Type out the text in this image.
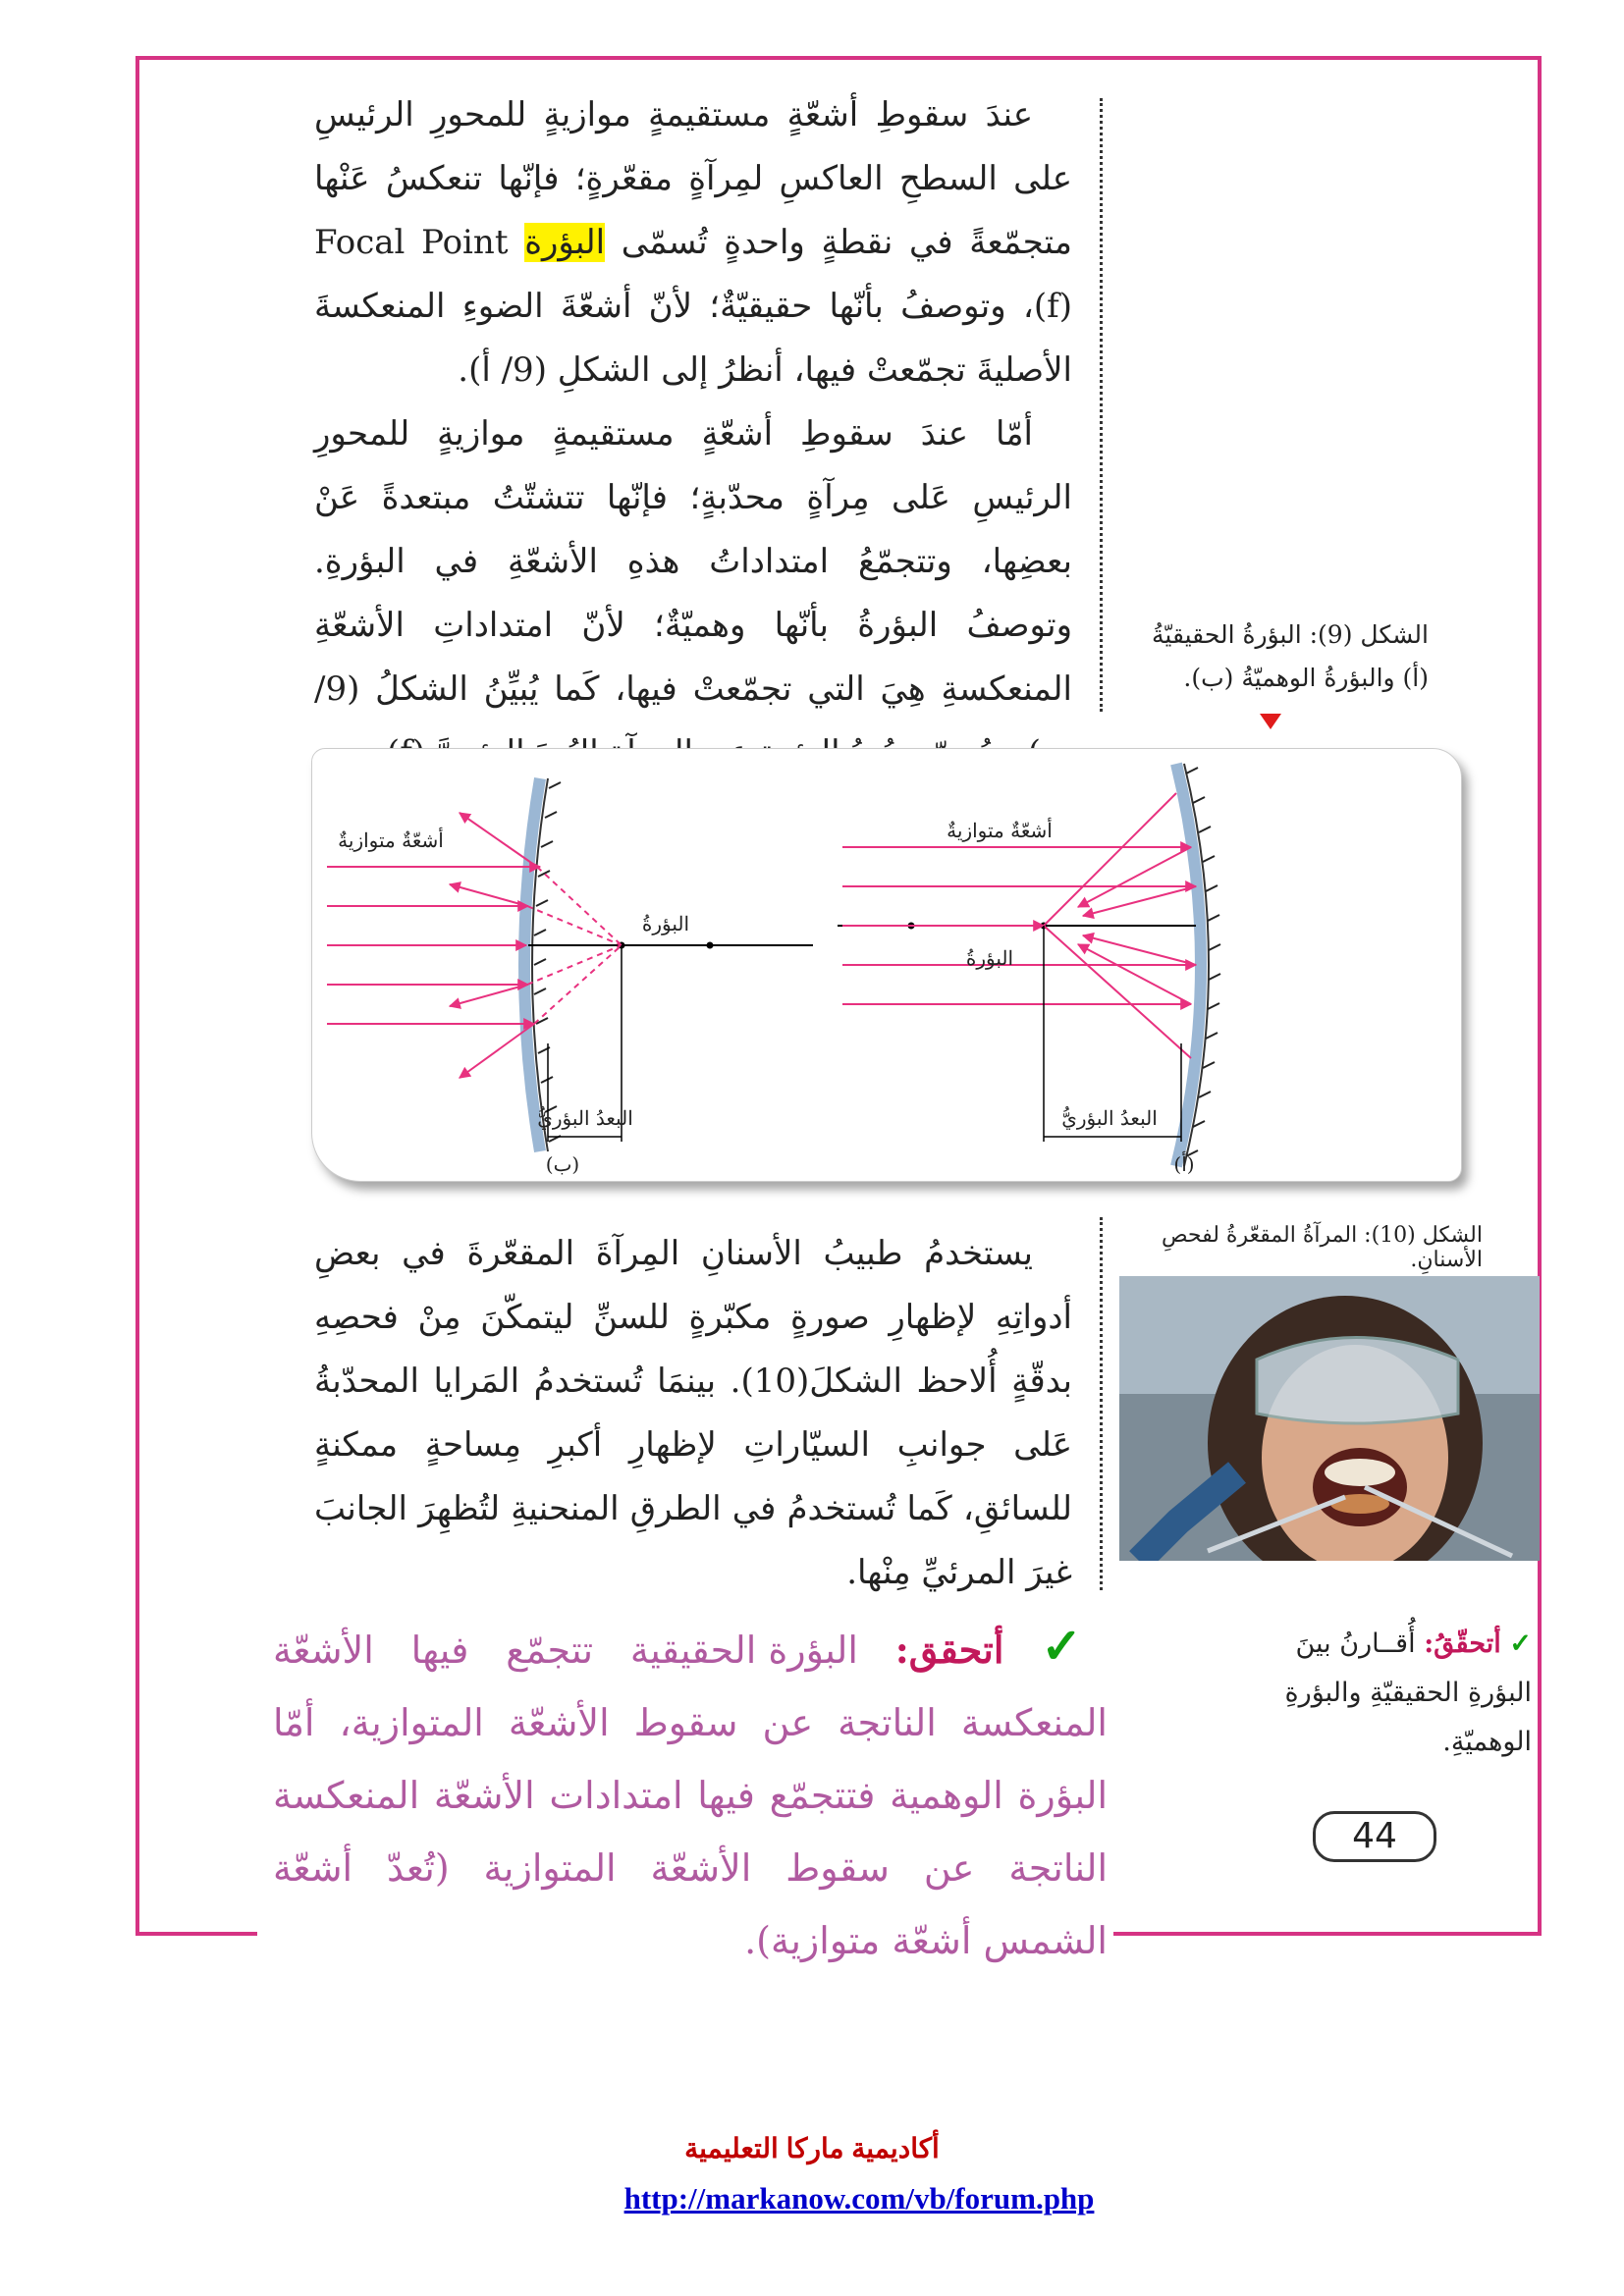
عندَ سقوطِ أشعّةٍ مستقيمةٍ موازيةٍ للمحورِ الرئيسِ على السطحِ العاكسِ لمِرآةٍ مقعّرةٍ؛ فإنّها تنعكسُ عَنْها متجمّعةً في نقطةٍ واحدةٍ تُسمّى البؤرة Focal Point (f)، وتوصفُ بأنّها حقيقيّةٌ؛ لأنّ أشعّةَ الضوءِ المنعكسةَ الأصليةَ تجمّعتْ فيها، أنظرُ إلى الشكلِ (9/ أ).

أمّا عندَ سقوطِ أشعّةٍ مستقيمةٍ موازيةٍ للمحورِ الرئيسِ عَلى مِرآةٍ محدّبةٍ؛ فإنّها تتشتّتُ مبتعدةً عَنْ بعضِها، وتتجمّعُ امتداداتُ هذهِ الأشعّةِ في البؤرةِ. وتوصفُ البؤرةُ بأنّها وهميّةٌ؛ لأنّ امتداداتِ الأشعّةِ المنعكسةِ هِيَ التي تجمّعتْ فيها، كَما يُبيِّنُ الشكلُ (9/

الشكل (9): البؤرةُ الحقيقيّةُ (أ) والبؤرةُ الوهميّةُ (ب).
أشعّةٌ متوازيةٌ
البؤرةُ
البعدُ البؤريُّ
(ب)
أشعّةٌ متوازيةٌ
البؤرةُ
البعدُ البؤريُّ
(أ)

يستخدمُ طبيبُ الأسنانِ المِرآةَ المقعّرةَ في بعضِ أدواتِهِ لإظهارِ صورةٍ مكبّرةٍ للسنِّ ليتمكّنَ مِنْ فحصِهِ بدقّةٍ أُلاحظ الشكلَ(10). بينمَا تُستخدمُ المَرايا المحدّبةُ عَلى جوانبِ السيّاراتِ لإظهارِ أكبرِ مِساحةٍ ممكنةٍ للسائقِ، كَما تُستخدمُ في الطرقِ المنحنيةِ لتُظهِرَ الجانبَ غيرَ المرئيِّ مِنْها.

الشكل (10): المرآةُ المقعّرةُ لفحصِ الأسنانِ.
✓ أتحقّقُ: أُقــارنُ بينَ البؤرةِ الحقيقيّةِ والبؤرةِ الوهميّةِ.
✓ أتحقق: البؤرة الحقيقية تتجمّع فيها الأشعّة المنعكسة الناتجة عن سقوط الأشعّة المتوازية، أمّا البؤرة الوهمية فتتجمّع فيها امتدادات الأشعّة المنعكسة الناتجة عن سقوط الأشعّة المتوازية (تُعدّ أشعّة الشمس أشعّة متوازية).
44
أكاديمية ماركا التعليمية
http://markanow.com/vb/forum.php
